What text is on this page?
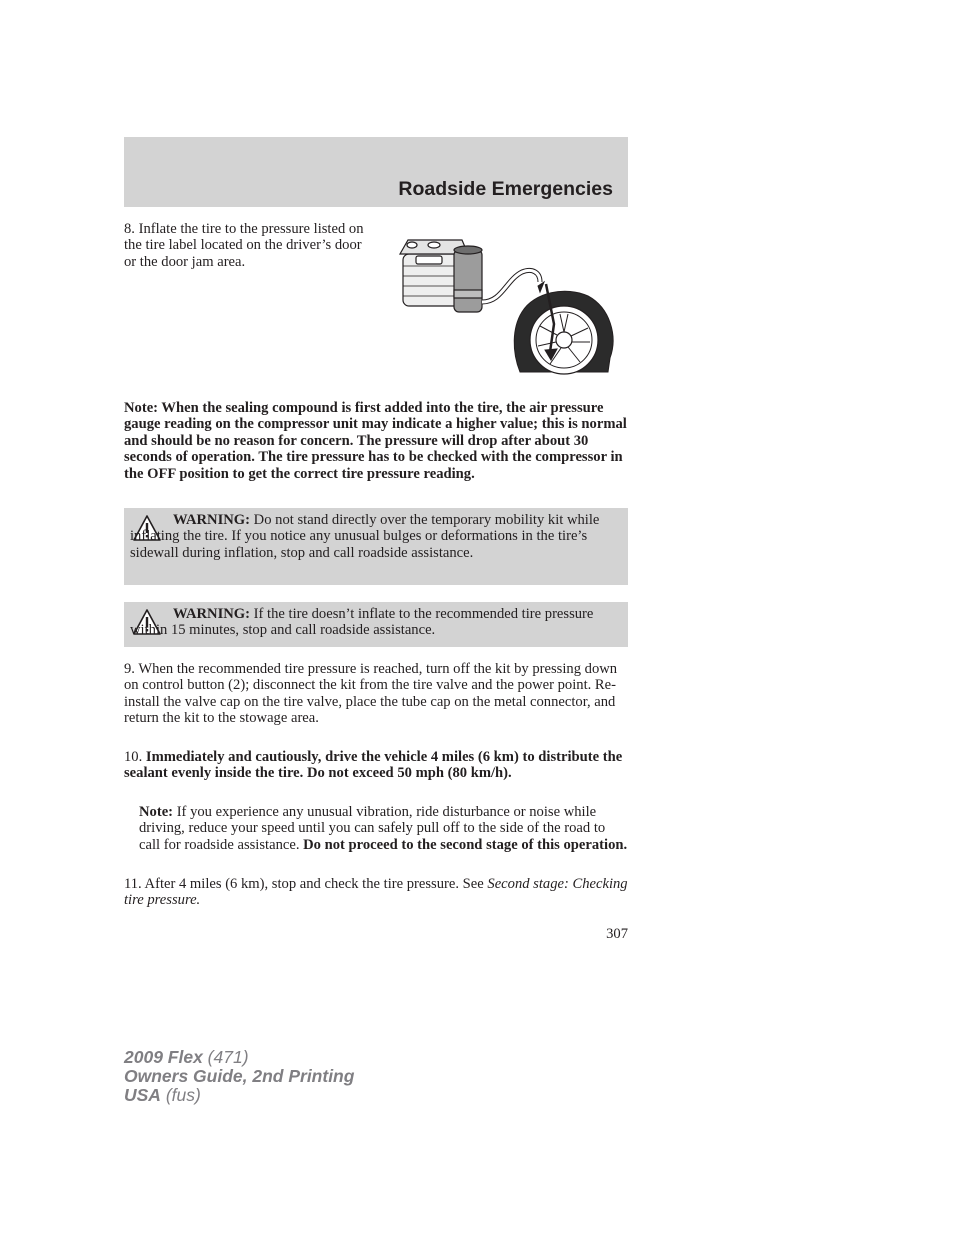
Roadside Emergencies
8. Inflate the tire to the pressure listed on the tire label located on the driver’s door or the door jam area.
Note: When the sealing compound is first added into the tire, the air pressure gauge reading on the compressor unit may indicate a higher value; this is normal and should be no reason for concern. The pressure will drop after about 30 seconds of operation. The tire pressure has to be checked with the compressor in the OFF position to get the correct tire pressure reading.
WARNING: Do not stand directly over the temporary mobility kit while inflating the tire. If you notice any unusual bulges or deformations in the tire’s sidewall during inflation, stop and call roadside assistance.
WARNING: If the tire doesn’t inflate to the recommended tire pressure within 15 minutes, stop and call roadside assistance.
9. When the recommended tire pressure is reached, turn off the kit by pressing down on control button (2); disconnect the kit from the tire valve and the power point. Re-install the valve cap on the tire valve, place the tube cap on the metal connector, and return the kit to the stowage area.
10. Immediately and cautiously, drive the vehicle 4 miles (6 km) to distribute the sealant evenly inside the tire. Do not exceed 50 mph (80 km/h).
Note: If you experience any unusual vibration, ride disturbance or noise while driving, reduce your speed until you can safely pull off to the side of the road to call for roadside assistance. Do not proceed to the second stage of this operation.
11. After 4 miles (6 km), stop and check the tire pressure. See Second stage: Checking tire pressure.
307
2009 Flex (471)
Owners Guide, 2nd Printing
USA (fus)
